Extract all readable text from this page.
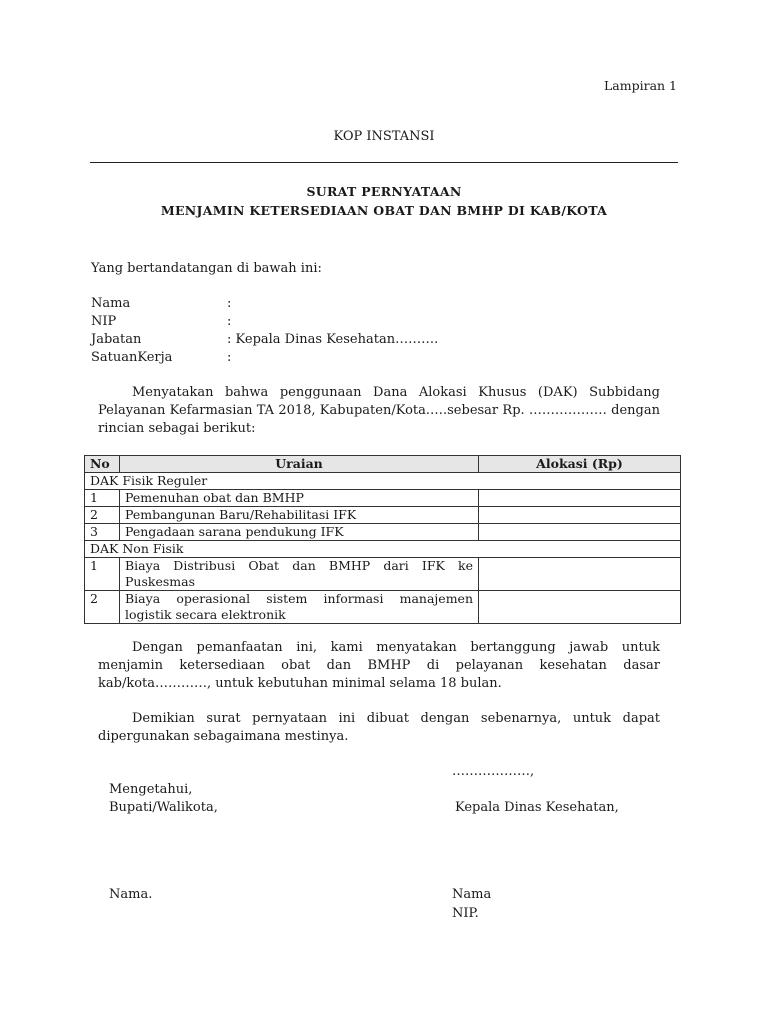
Lampiran 1
KOP INSTANSI
SURAT PERNYATAAN
MENJAMIN KETERSEDIAAN OBAT DAN BMHP DI KAB/KOTA
Yang bertandatangan di bawah ini:
Nama	:
NIP	:
Jabatan	: Kepala Dinas Kesehatan……….
SatuanKerja	:
Menyatakan bahwa penggunaan Dana Alokasi Khusus (DAK) Subbidang Pelayanan Kefarmasian TA 2018, Kabupaten/Kota.….sebesar Rp. ……………… dengan rincian sebagai berikut:
No	Uraian	Alokasi (Rp)
DAK Fisik Reguler		
1	Pemenuhan obat dan BMHP	
2	Pembangunan Baru/Rehabilitasi IFK	
3	Pengadaan sarana pendukung IFK	
DAK Non Fisik		
1	Biaya Distribusi Obat dan BMHP dari IFK ke Puskesmas	
2	Biaya operasional sistem informasi manajemen logistik secara elektronik	
Dengan pemanfaatan ini, kami menyatakan bertanggung jawab untuk menjamin ketersediaan obat dan BMHP di pelayanan kesehatan dasar kab/kota…………, untuk kebutuhan minimal selama 18 bulan.
Demikian surat pernyataan ini dibuat dengan sebenarnya, untuk dapat dipergunakan sebagaimana mestinya.
………………,
Mengetahui,
Bupati/Walikota,	Kepala Dinas Kesehatan,
Nama.	Nama
NIP.
